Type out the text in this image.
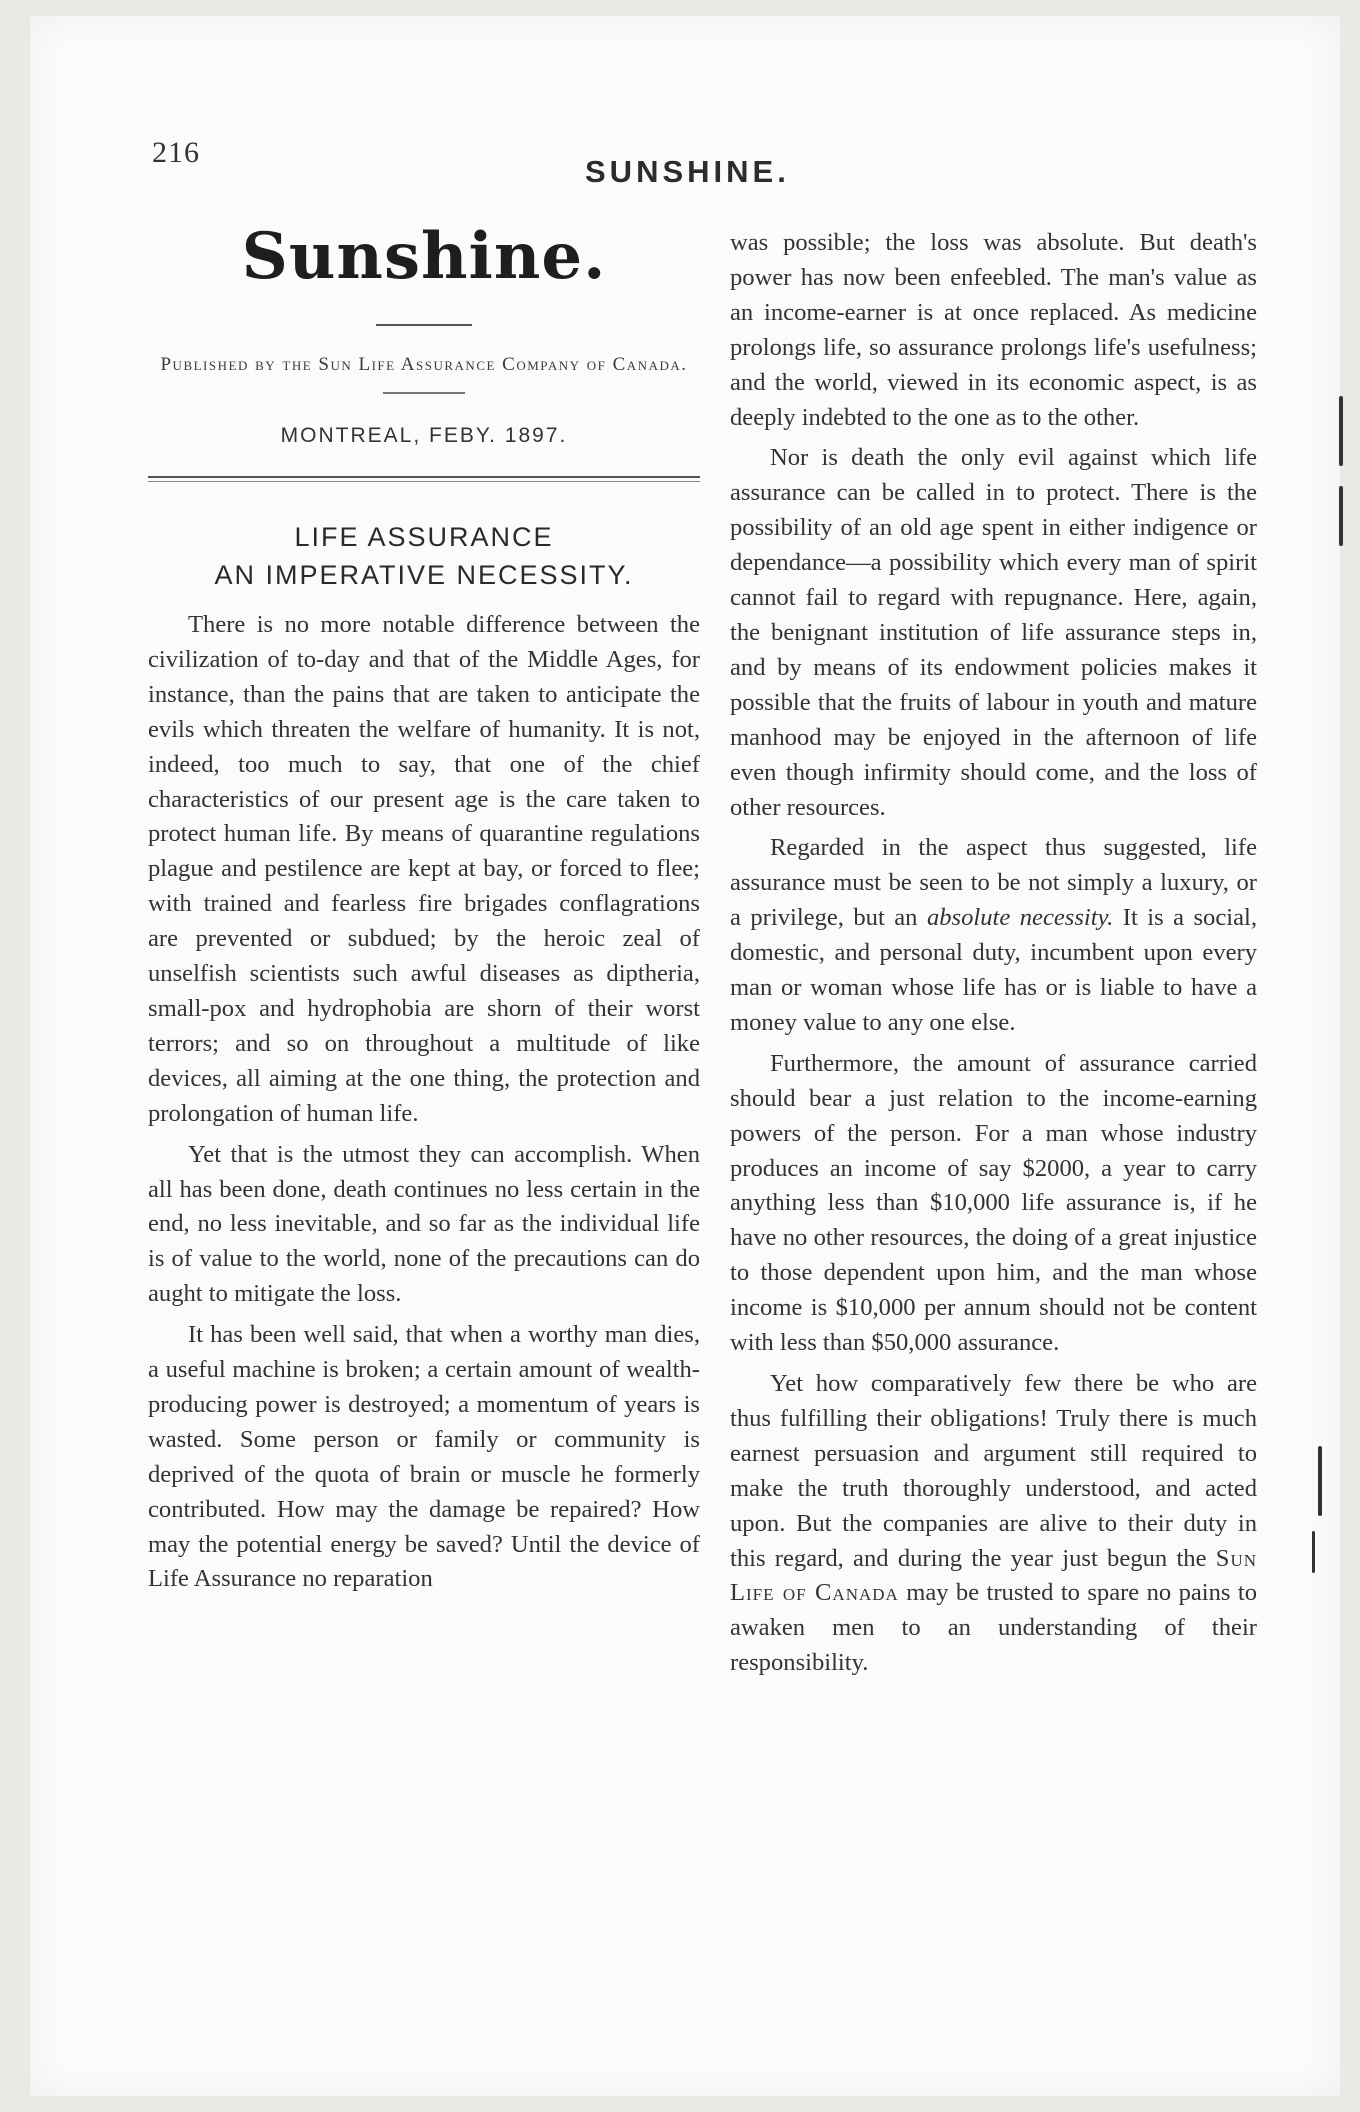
216
SUNSHINE.
Sunshine.
Published by the Sun Life Assurance Company of Canada.
MONTREAL, FEBY. 1897.
LIFE ASSURANCE
AN IMPERATIVE NECESSITY.

There is no more notable difference between the civilization of to-day and that of the Middle Ages, for instance, than the pains that are taken to anticipate the evils which threaten the welfare of humanity. It is not, indeed, too much to say, that one of the chief characteristics of our present age is the care taken to protect human life. By means of quarantine regulations plague and pestilence are kept at bay, or forced to flee; with trained and fearless fire brigades conflagrations are prevented or subdued; by the heroic zeal of unselfish scientists such awful diseases as diptheria, small-pox and hydrophobia are shorn of their worst terrors; and so on throughout a multitude of like devices, all aiming at the one thing, the protection and prolongation of human life.

Yet that is the utmost they can accomplish. When all has been done, death continues no less certain in the end, no less inevitable, and so far as the individual life is of value to the world, none of the precautions can do aught to mitigate the loss.

It has been well said, that when a worthy man dies, a useful machine is broken; a certain amount of wealth-producing power is destroyed; a momentum of years is wasted. Some person or family or community is deprived of the quota of brain or muscle he formerly contributed. How may the damage be repaired? How may the potential energy be saved? Until the device of Life Assurance no reparation

was possible; the loss was absolute. But death's power has now been enfeebled. The man's value as an income-earner is at once replaced. As medicine prolongs life, so assurance prolongs life's usefulness; and the world, viewed in its economic aspect, is as deeply indebted to the one as to the other.

Nor is death the only evil against which life assurance can be called in to protect. There is the possibility of an old age spent in either indigence or dependance—a possibility which every man of spirit cannot fail to regard with repugnance. Here, again, the benignant institution of life assurance steps in, and by means of its endowment policies makes it possible that the fruits of labour in youth and mature manhood may be enjoyed in the afternoon of life even though infirmity should come, and the loss of other resources.

Regarded in the aspect thus suggested, life assurance must be seen to be not simply a luxury, or a privilege, but an absolute necessity. It is a social, domestic, and personal duty, incumbent upon every man or woman whose life has or is liable to have a money value to any one else.

Furthermore, the amount of assurance carried should bear a just relation to the income-earning powers of the person. For a man whose industry produces an income of say $2000, a year to carry anything less than $10,000 life assurance is, if he have no other resources, the doing of a great injustice to those dependent upon him, and the man whose income is $10,000 per annum should not be content with less than $50,000 assurance.

Yet how comparatively few there be who are thus fulfilling their obligations! Truly there is much earnest persuasion and argument still required to make the truth thoroughly understood, and acted upon. But the companies are alive to their duty in this regard, and during the year just begun the Sun Life of Canada may be trusted to spare no pains to awaken men to an understanding of their responsibility.
